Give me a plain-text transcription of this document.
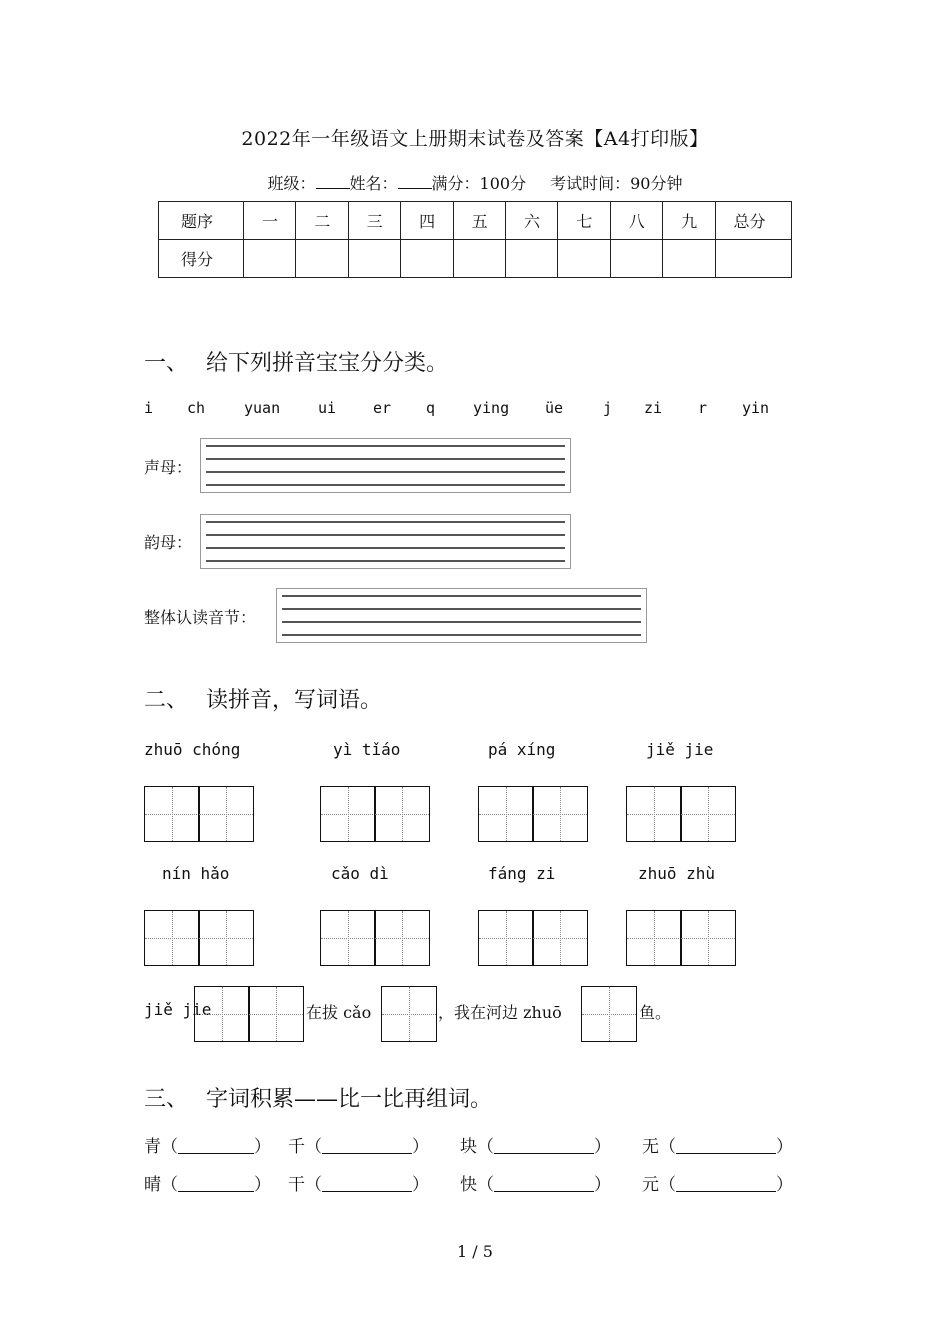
2022年一年级语文上册期末试卷及答案【A4打印版】
班级： 姓名： 满分：100分 考试时间：90分钟
题序	一	二	三	四	五	六	七	八	九	总分
得分										
一、 给下列拼音宝宝分分类。
i ch	yuan	ui er q	ying üe	j zi r yin
声母：
韵母：
整体认读音节：
二、 读拼音，写词语。
zhuō chóng	yì tǐáo	pá xíng	jiě jie
nín hǎo	cǎo dì	fáng zi	zhuō zhù
jiě jie	在拔 cǎo	，我在河边 zhuō	鱼。
三、 字词积累——比一比再组词。
青（	） 千（	） 块（	） 无（	）
晴（	） 干（	） 快（	） 元（	）
1 / 5
